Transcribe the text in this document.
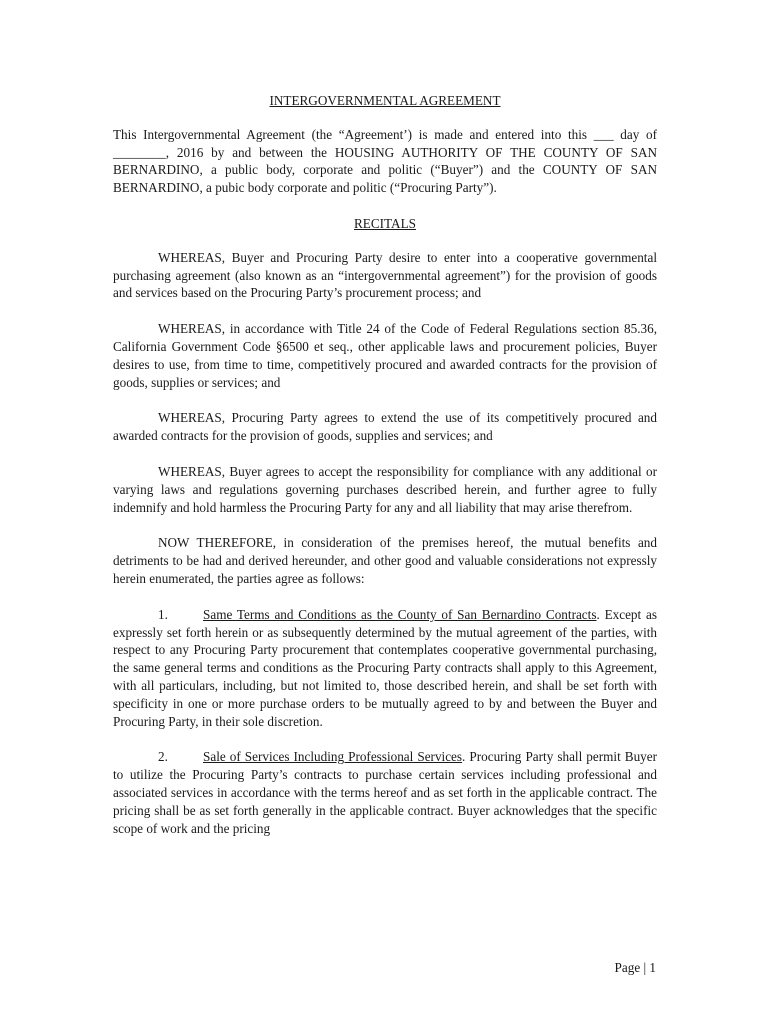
INTERGOVERNMENTAL AGREEMENT

This Intergovernmental Agreement (the “Agreement’) is made and entered into this ___ day of ________, 2016 by and between the HOUSING AUTHORITY OF THE COUNTY OF SAN BERNARDINO, a public body, corporate and politic (“Buyer”) and the COUNTY OF SAN BERNARDINO, a pubic body corporate and politic (“Procuring Party”).

RECITALS

WHEREAS, Buyer and Procuring Party desire to enter into a cooperative governmental purchasing agreement (also known as an “intergovernmental agreement”) for the provision of goods and services based on the Procuring Party’s procurement process; and

WHEREAS, in accordance with Title 24 of the Code of Federal Regulations section 85.36, California Government Code §6500 et seq., other applicable laws and procurement policies, Buyer desires to use, from time to time, competitively procured and awarded contracts for the provision of goods, supplies or services; and

WHEREAS, Procuring Party agrees to extend the use of its competitively procured and awarded contracts for the provision of goods, supplies and services; and

WHEREAS, Buyer agrees to accept the responsibility for compliance with any additional or varying laws and regulations governing purchases described herein, and further agree to fully indemnify and hold harmless the Procuring Party for any and all liability that may arise therefrom.

NOW THEREFORE, in consideration of the premises hereof, the mutual benefits and detriments to be had and derived hereunder, and other good and valuable considerations not expressly herein enumerated, the parties agree as follows:

1.	Same Terms and Conditions as the County of San Bernardino Contracts. Except as expressly set forth herein or as subsequently determined by the mutual agreement of the parties, with respect to any Procuring Party procurement that contemplates cooperative governmental purchasing, the same general terms and conditions as the Procuring Party contracts shall apply to this Agreement, with all particulars, including, but not limited to, those described herein, and shall be set forth with specificity in one or more purchase orders to be mutually agreed to by and between the Buyer and Procuring Party, in their sole discretion.

2.	Sale of Services Including Professional Services. Procuring Party shall permit Buyer to utilize the Procuring Party’s contracts to purchase certain services including professional and associated services in accordance with the terms hereof and as set forth in the applicable contract. The pricing shall be as set forth generally in the applicable contract. Buyer acknowledges that the specific scope of work and the pricing

Page | 1
